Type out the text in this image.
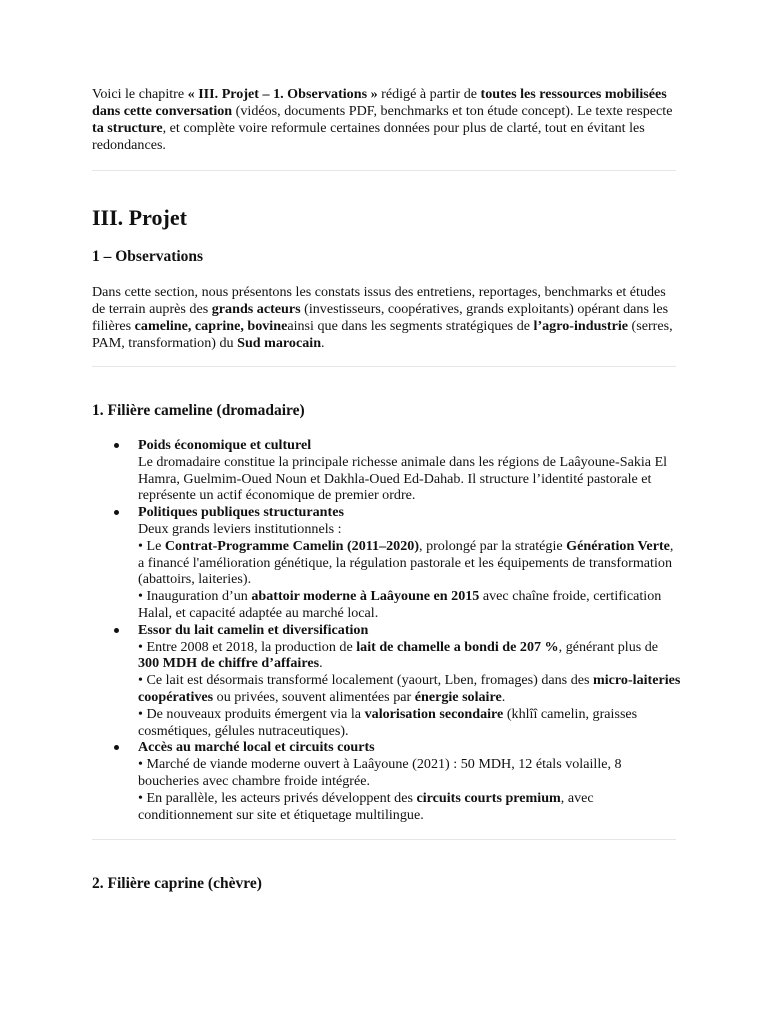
Voici le chapitre « III. Projet – 1. Observations » rédigé à partir de toutes les ressources mobilisées dans cette conversation (vidéos, documents PDF, benchmarks et ton étude concept). Le texte respecte ta structure, et complète voire reformule certaines données pour plus de clarté, tout en évitant les redondances.

III. Projet
1 – Observations

Dans cette section, nous présentons les constats issus des entretiens, reportages, benchmarks et études de terrain auprès des grands acteurs (investisseurs, coopératives, grands exploitants) opérant dans les filières cameline, caprine, bovineainsi que dans les segments stratégiques de l’agro-industrie (serres, PAM, transformation) du Sud marocain.

1. Filière cameline (dromadaire)
Poids économique et culturel
Le dromadaire constitue la principale richesse animale dans les régions de Laâyoune-Sakia El Hamra, Guelmim-Oued Noun et Dakhla-Oued Ed-Dahab. Il structure l’identité pastorale et représente un actif économique de premier ordre.
Politiques publiques structurantes
Deux grands leviers institutionnels :
• Le Contrat-Programme Camelin (2011–2020), prolongé par la stratégie Génération Verte, a financé l'amélioration génétique, la régulation pastorale et les équipements de transformation (abattoirs, laiteries).
• Inauguration d’un abattoir moderne à Laâyoune en 2015 avec chaîne froide, certification Halal, et capacité adaptée au marché local.
Essor du lait camelin et diversification
• Entre 2008 et 2018, la production de lait de chamelle a bondi de 207 %, générant plus de 300 MDH de chiffre d’affaires.
• Ce lait est désormais transformé localement (yaourt, Lben, fromages) dans des micro-laiteries coopératives ou privées, souvent alimentées par énergie solaire.
• De nouveaux produits émergent via la valorisation secondaire (khlîî camelin, graisses cosmétiques, gélules nutraceutiques).
Accès au marché local et circuits courts
• Marché de viande moderne ouvert à Laâyoune (2021) : 50 MDH, 12 étals volaille, 8 boucheries avec chambre froide intégrée.
• En parallèle, les acteurs privés développent des circuits courts premium, avec conditionnement sur site et étiquetage multilingue.
2. Filière caprine (chèvre)
